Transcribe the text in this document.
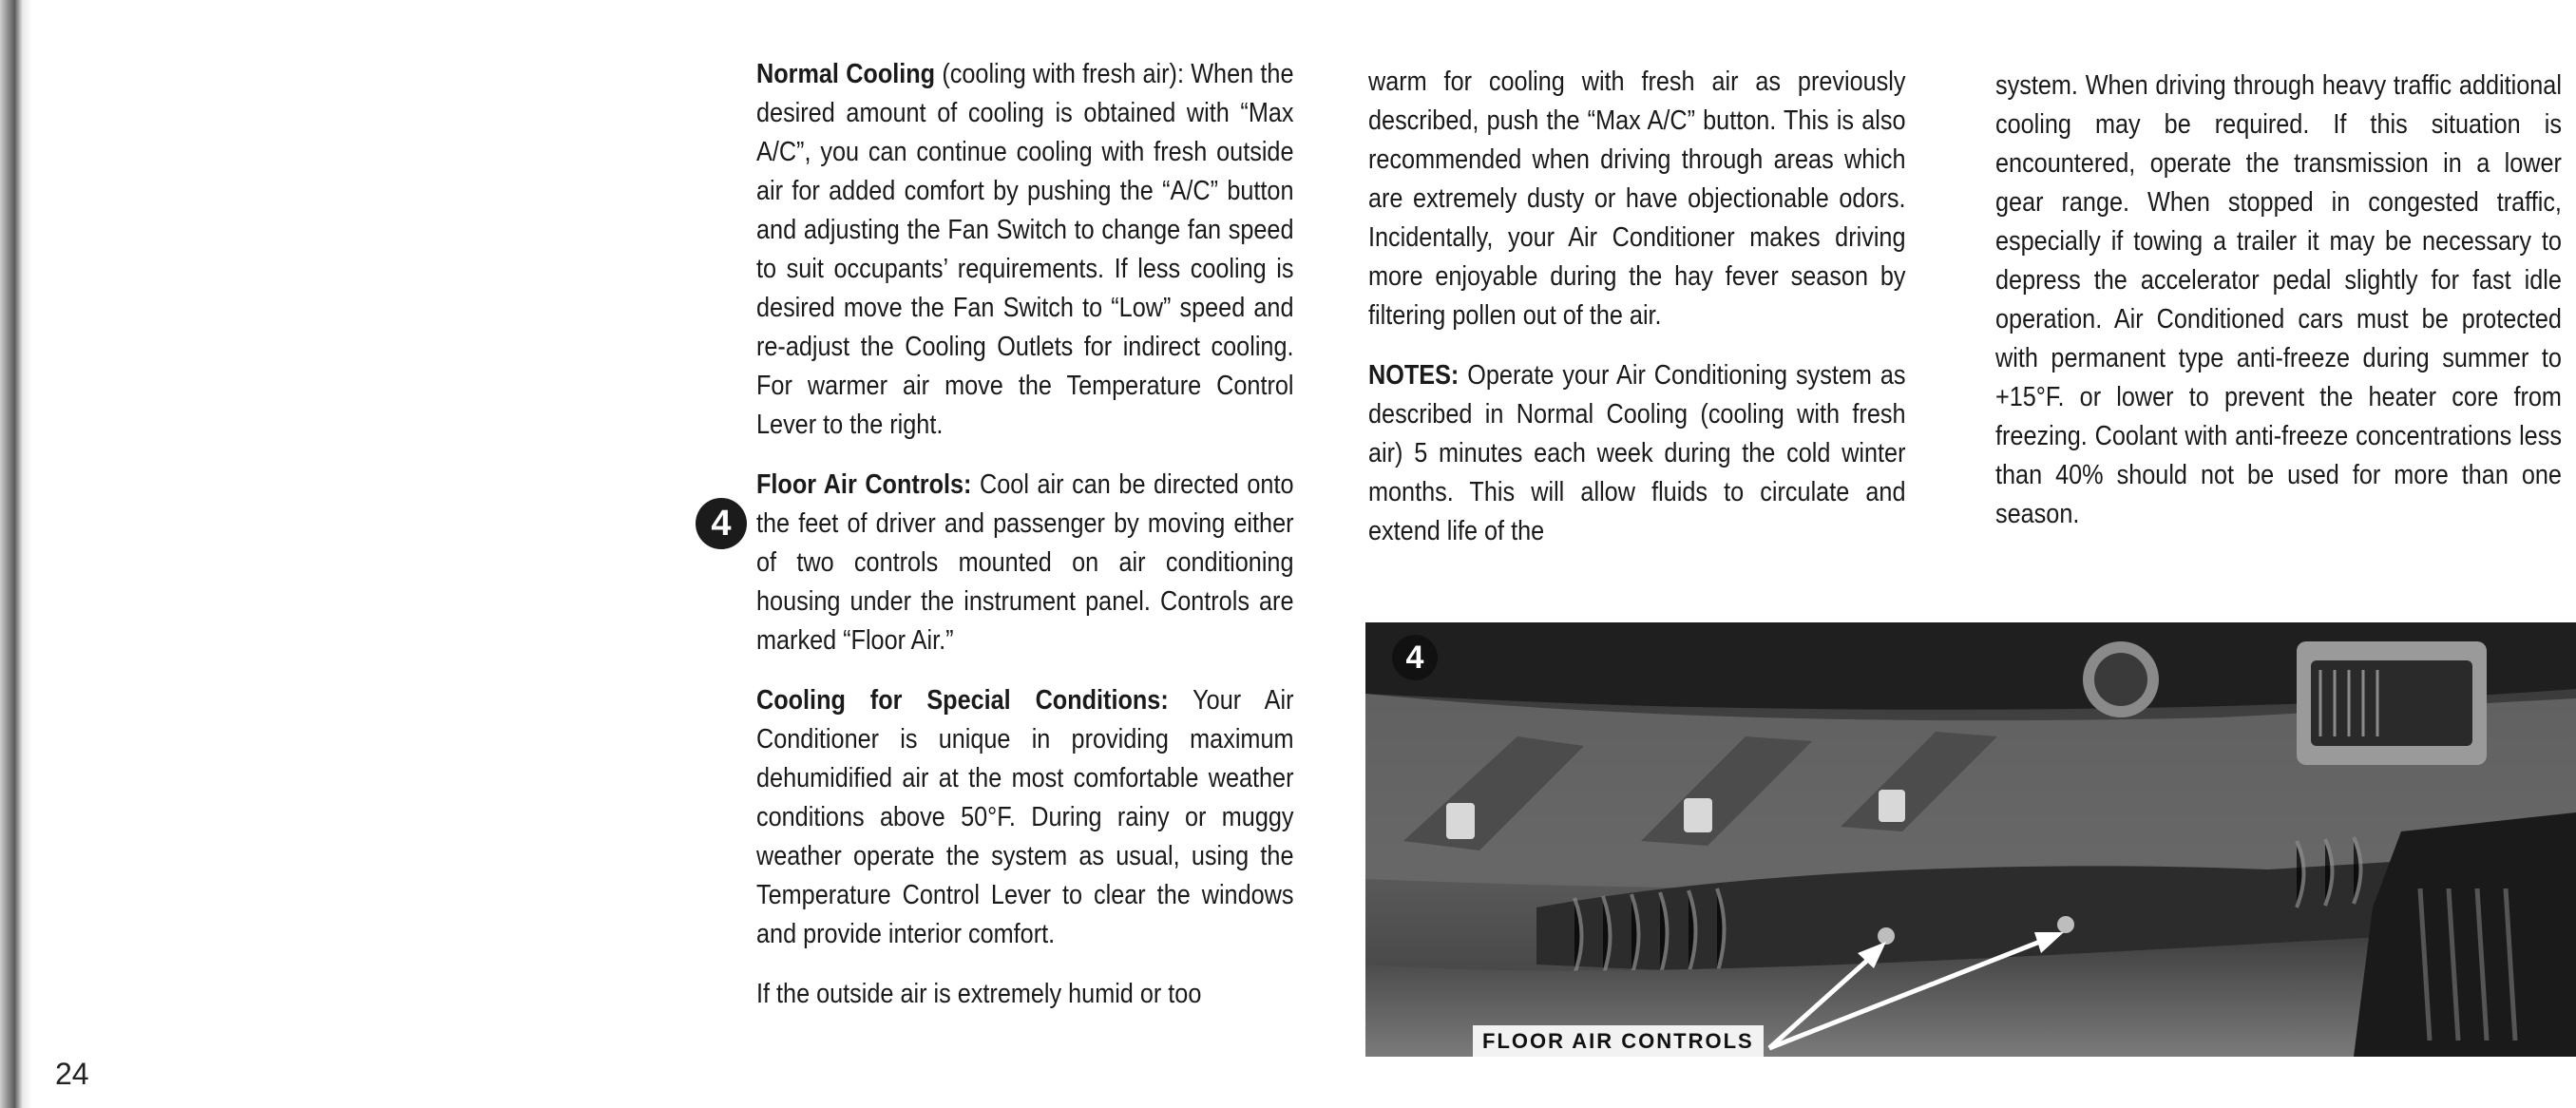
Normal Cooling (cooling with fresh air): When the desired amount of cooling is obtained with “Max A/C”, you can continue cooling with fresh outside air for added comfort by pushing the “A/C” button and adjusting the Fan Switch to change fan speed to suit occupants’ requirements. If less cooling is desired move the Fan Switch to “Low” speed and re-adjust the Cooling Outlets for indirect cooling. For warmer air move the Temperature Control Lever to the right.

Floor Air Controls: Cool air can be directed onto the feet of driver and passenger by moving either of two controls mounted on air conditioning housing under the instrument panel. Controls are marked “Floor Air.”

Cooling for Special Conditions: Your Air Conditioner is unique in providing maximum dehumidified air at the most comfortable weather conditions above 50°F. During rainy or muggy weather operate the system as usual, using the Temperature Control Lever to clear the windows and provide interior comfort.

If the outside air is extremely humid or too

4

warm for cooling with fresh air as previously described, push the “Max A/C” button. This is also recommended when driving through areas which are extremely dusty or have objectionable odors. Incidentally, your Air Conditioner makes driving more enjoyable during the hay fever season by filtering pollen out of the air.

NOTES: Operate your Air Conditioning system as described in Normal Cooling (cooling with fresh air) 5 minutes each week during the cold winter months. This will allow fluids to circulate and extend life of the

system. When driving through heavy traffic additional cooling may be required. If this situation is encountered, operate the transmission in a lower gear range. When stopped in congested traffic, especially if towing a trailer it may be necessary to depress the accelerator pedal slightly for fast idle operation. Air Conditioned cars must be protected with permanent type anti-freeze during summer to +15°F. or lower to prevent the heater core from freezing. Coolant with anti-freeze concentrations less than 40% should not be used for more than one season.

4
FLOOR AIR CONTROLS
24
